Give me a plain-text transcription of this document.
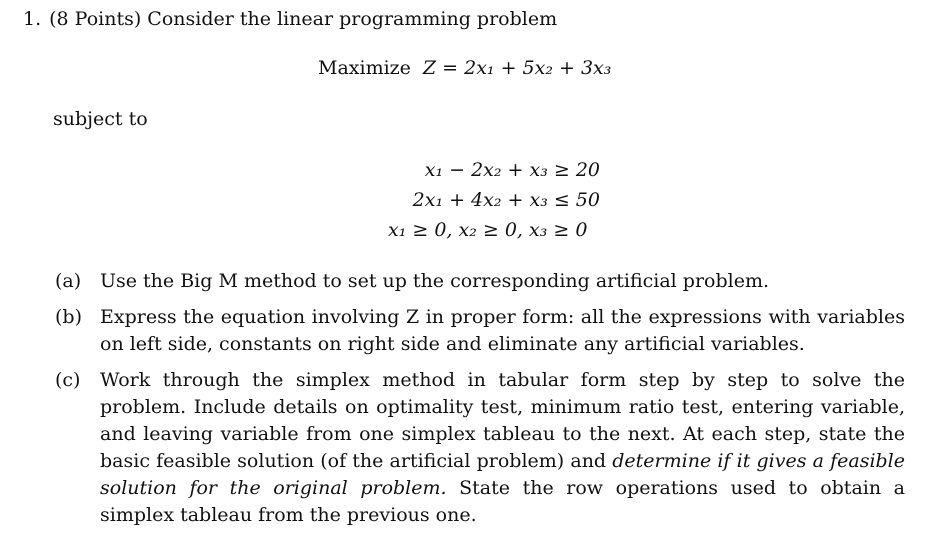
1. (8 Points) Consider the linear programming problem
Maximize Z = 2x₁ + 5x₂ + 3x₃
subject to
x₁ − 2x₂ + x₃ ≥ 20
2x₁ + 4x₂ + x₃ ≤ 50
x₁ ≥ 0, x₂ ≥ 0, x₃ ≥ 0
(a) Use the Big M method to set up the corresponding artificial problem.
(b) Express the equation involving Z in proper form: all the expressions with variables on left side, constants on right side and eliminate any artificial variables.
(c) Work through the simplex method in tabular form step by step to solve the problem. Include details on optimality test, minimum ratio test, entering variable, and leaving variable from one simplex tableau to the next. At each step, state the basic feasible solution (of the artificial problem) and determine if it gives a feasible solution for the original problem. State the row operations used to obtain a simplex tableau from the previous one.
